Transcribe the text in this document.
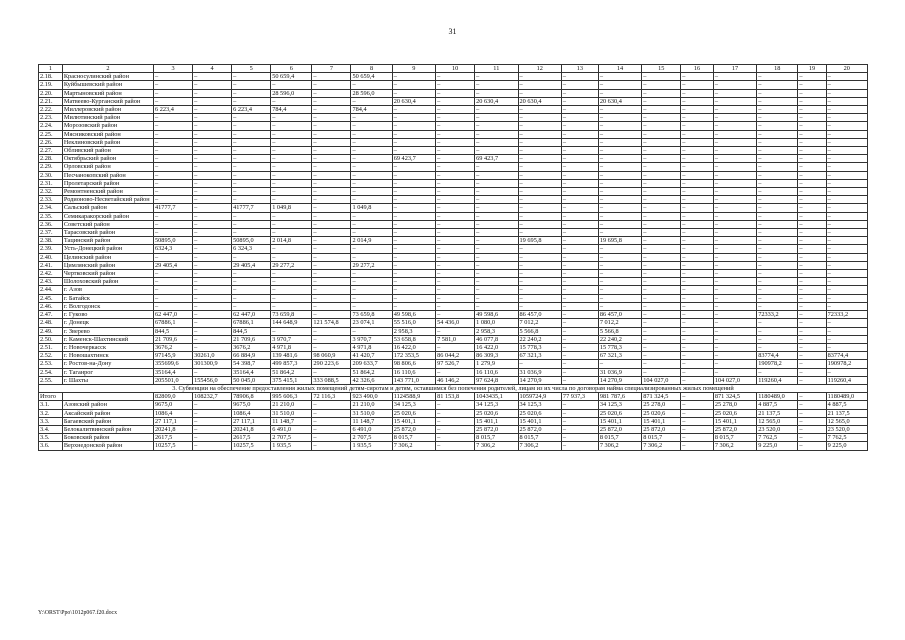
31
1	2	3	4	5	6	7	8	9	10	11	12	13	14	15	16	17	18	19	20
2.18.	Красносулинский район	–	–	–	50 659,4	–	50 659,4	–	–	–	–	–	–	–	–	–	–	–	–
2.19.	Куйбышевский район	–	–	–	–	–	–	–	–	–	–	–	–	–	–	–	–	–	–
2.20.	Мартыновский район	–	–	–	28 596,0	–	28 596,0	–	–	–	–	–	–	–	–	–	–	–	–
2.21.	Матвеево-Курганский район	–	–	–	–	–	–	20 630,4	–	20 630,4	20 630,4	–	20 630,4	–	–	–	–	–	–
2.22.	Миллеровский район	6 223,4	–	6 223,4	784,4	–	784,4	–	–	–	–	–	–	–	–	–	–	–	–
2.23.	Милютинский район	–	–	–	–	–	–	–	–	–	–	–	–	–	–	–	–	–	–
2.24.	Морозовский район	–	–	–	–	–	–	–	–	–	–	–	–	–	–	–	–	–	–
2.25.	Мясниковский район	–	–	–	–	–	–	–	–	–	–	–	–	–	–	–	–	–	–
2.26.	Неклиновский район	–	–	–	–	–	–	–	–	–	–	–	–	–	–	–	–	–	–
2.27.	Обливский район	–	–	–	–	–	–	–	–	–	–	–	–	–	–	–	–	–	–
2.28.	Октябрьский район	–	–	–	–	–	–	69 423,7	–	69 423,7	–	–	–	–	–	–	–	–	–
2.29.	Орловский район	–	–	–	–	–	–	–	–	–	–	–	–	–	–	–	–	–	–
2.30.	Песчанокопский район	–	–	–	–	–	–	–	–	–	–	–	–	–	–	–	–	–	–
2.31.	Пролетарский район	–	–	–	–	–	–	–	–	–	–	–	–	–	–	–	–	–	–
2.32.	Ремонтненский район	–	–	–	–	–	–	–	–	–	–	–	–	–	–	–	–	–	–
2.33.	Родионово-Несветайский район	–	–	–	–	–	–	–	–	–	–	–	–	–	–	–	–	–	–
2.34.	Сальский район	41777,7	–	41777,7	1 049,8	–	1 049,8	–	–	–	–	–	–	–	–	–	–	–	–
2.35.	Семикаракорский район	–	–	–	–	–	–	–	–	–	–	–	–	–	–	–	–	–	–
2.36.	Советский район	–	–	–	–	–	–	–	–	–	–	–	–	–	–	–	–	–	–
2.37.	Тарасовский район	–	–	–	–	–	–	–	–	–	–	–	–	–	–	–	–	–	–
2.38.	Тацинский район	50895,0	–	50895,0	2 014,8	–	2 014,9	–	–	–	19 695,8	–	19 695,8	–	–	–	–	–	–
2.39.	Усть-Донецкий район	6324,3	–	6 324,3	–	–	–	–	–	–	–	–	–	–	–	–	–	–	–
2.40.	Целинский район	–	–	–	–	–	–	–	–	–	–	–	–	–	–	–	–	–	–
2.41.	Цимлянский район	29 405,4	–	29 405,4	29 277,2	–	29 277,2	–	–	–	–	–	–	–	–	–	–	–	–
2.42.	Чертковский район	–	–	–	–	–	–	–	–	–	–	–	–	–	–	–	–	–	–
2.43.	Шолоховский район	–	–	–	–	–	–	–	–	–	–	–	–	–	–	–	–	–	–
2.44.	г. Азов	–	–	–	–	–	–	–	–	–	–	–	–	–	–	–	–	–	–
2.45.	г. Батайск	–	–	–	–	–	–	–	–	–	–	–	–	–	–	–	–	–	–
2.46.	г. Волгодонск	–	–	–	–	–	–	–	–	–	–	–	–	–	–	–	–	–	–
2.47.	г. Гуково	62 447,0	–	62 447,0	73 659,8	–	73 659,8	49 598,6	–	49 598,6	86 457,0	–	86 457,0	–	–	–	72333,2	–	72333,2
2.48.	г. Донецк	67886,1	–	67886,1	144 648,9	121 574,8	23 074,1	55 516,0	54 436,0	1 080,0	7 012,2	–	7 012,2	–	–	–	–	–	–
2.49.	г. Зверево	844,5	–	844,5	–	–	–	2 958,3	–	2 958,3	5 566,8	–	5 566,8	–	–	–	–	–	–
2.50.	г. Каменск-Шахтинский	21 709,6	–	21 709,6	3 970,7	–	3 970,7	53 658,8	7 581,0	46 077,8	22 240,2	–	22 240,2	–	–	–	–	–	–
2.51.	г. Новочеркасск	3676,2	–	3676,2	4 971,8	–	4 971,8	16 422,0	–	16 422,0	15 778,3	–	15 778,3	–	–	–	–	–	–
2.52.	г. Новошахтинск	97145,9	30261,0	66 884,9	139 481,6	98 060,9	41 420,7	172 353,5	86 044,2	86 309,3	67 321,3	–	67 321,3	–	–	–	83774,4	–	83774,4
2.53.	г. Ростов-на-Дону	355699,6	301300,9	54 398,7	499 857,3	290 223,6	209 633,7	98 806,6	97 526,7	1 279,9	–	–	–	–	–	–	190978,2	–	190978,2
2.54.	г. Таганрог	35164,4	–	35164,4	51 864,2	–	51 864,2	16 110,6	–	16 110,6	31 036,9	–	31 036,9	–	–	–	–	–	–
2.55.	г. Шахты	205501,0	155456,0	50 045,0	375 415,1	333 088,5	42 326,6	143 771,0	46 146,2	97 624,8	14 270,9	–	14 270,9	104 027,0	–	104 027,0	119260,4	–	119260,4
3. Субвенции на обеспечение предоставления жилых помещений детям-сиротам и детям, оставшимся без попечения родителей, лицам из их числа по договорам найма специализированных жилых помещений																			
Итого		82809,0	108232,7	78906,8	995 606,3	72 116,3	923 490,0	1124588,9	81 153,8	1043435,1	1059724,9	77 937,3	981 787,6	871 324,5	–	871 324,5	1180489,0	–	1180489,0
3.1.	Азовский район	9675,0	–	9675,0	21 210,0	–	21 210,0	34 125,3	–	34 125,3	34 125,3	–	34 125,3	25 278,0	–	25 278,0	4 887,5	–	4 887,5
3.2.	Аксайский район	1086,4	–	1086,4	31 510,0	–	31 510,0	25 020,6	–	25 020,6	25 020,6	–	25 020,6	25 020,6	–	25 020,6	21 137,5	–	21 137,5
3.3.	Багаевский район	27 117,1	–	27 117,1	11 148,7	–	11 148,7	15 401,1	–	15 401,1	15 401,1	–	15 401,1	15 401,1	–	15 401,1	12 565,0	–	12 565,0
3.4.	Белокалитвинский район	20241,8	–	20241,8	6 491,0	–	6 491,0	25 872,0	–	25 872,0	25 872,0	–	25 872,0	25 872,0	–	25 872,0	23 520,0	–	23 520,0
3.5.	Боковский район	2617,5	–	2617,5	2 707,5	–	2 707,5	8 015,7	–	8 015,7	8 015,7	–	8 015,7	8 015,7	–	8 015,7	7 762,5	–	7 762,5
3.6.	Верхнедонской район	10257,5	–	10257,5	1 935,5	–	1 935,5	7 306,2	–	7 306,2	7 306,2	–	7 306,2	7 306,2	–	7 306,2	9 225,0	–	9 225,0
Y:\ORST\Ppo\1012p067.f20.docx
